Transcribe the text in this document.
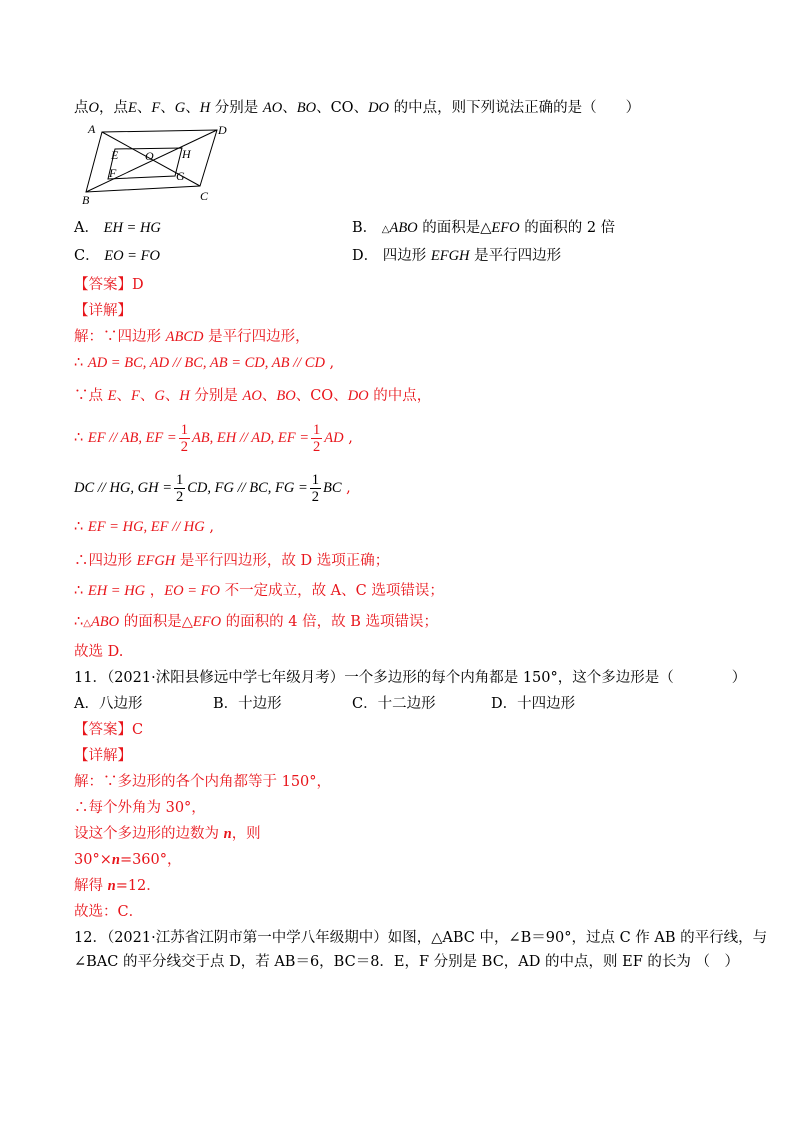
点O，点E、F、G、H 分别是 AO、BO、CO、DO 的中点，则下列说法正确的是（　　）
A	D
B	C
E O H
F	G
A． EH = HG	B． △ABO 的面积是△EFO 的面积的 2 倍
C． EO = FO	D． 四边形 EFGH 是平行四边形
【答案】D
【详解】
解：∵四边形 ABCD 是平行四边形，
∴ AD = BC, AD // BC, AB = CD, AB // CD ,
∵点 E、F、G、H 分别是 AO、BO、CO、DO 的中点，
∴ EF // AB, EF = $\frac{1}{2}$ AB, EH // AD, EF = $\frac{1}{2}$ AD ,
DC // HG, GH = $\frac{1}{2}$ CD, FG // BC, FG = $\frac{1}{2}$ BC ,
∴ EF = HG, EF // HG ,
∴四边形 EFGH 是平行四边形，故 D 选项正确；
∴ EH = HG ，EO = FO 不一定成立，故 A、C 选项错误；
∴△ABO 的面积是△EFO 的面积的 4 倍，故 B 选项错误；
故选 D.
11．（2021·沭阳县修远中学七年级月考）一个多边形的每个内角都是 150°，这个多边形是（　　　　）
A．八边形	B．十边形	C．十二边形	D．十四边形
【答案】C
【详解】
解：∵多边形的各个内角都等于 150°，
∴每个外角为 30°，
设这个多边形的边数为 n，则
30°×n=360°，
解得 n=12．
故选：C．
12．（2021·江苏省江阴市第一中学八年级期中）如图，△ABC 中，∠B＝90°，过点 C 作 AB 的平行线，与
∠BAC 的平分线交于点 D，若 AB＝6，BC＝8．E，F 分别是 BC，AD 的中点，则 EF 的长为 （　）
